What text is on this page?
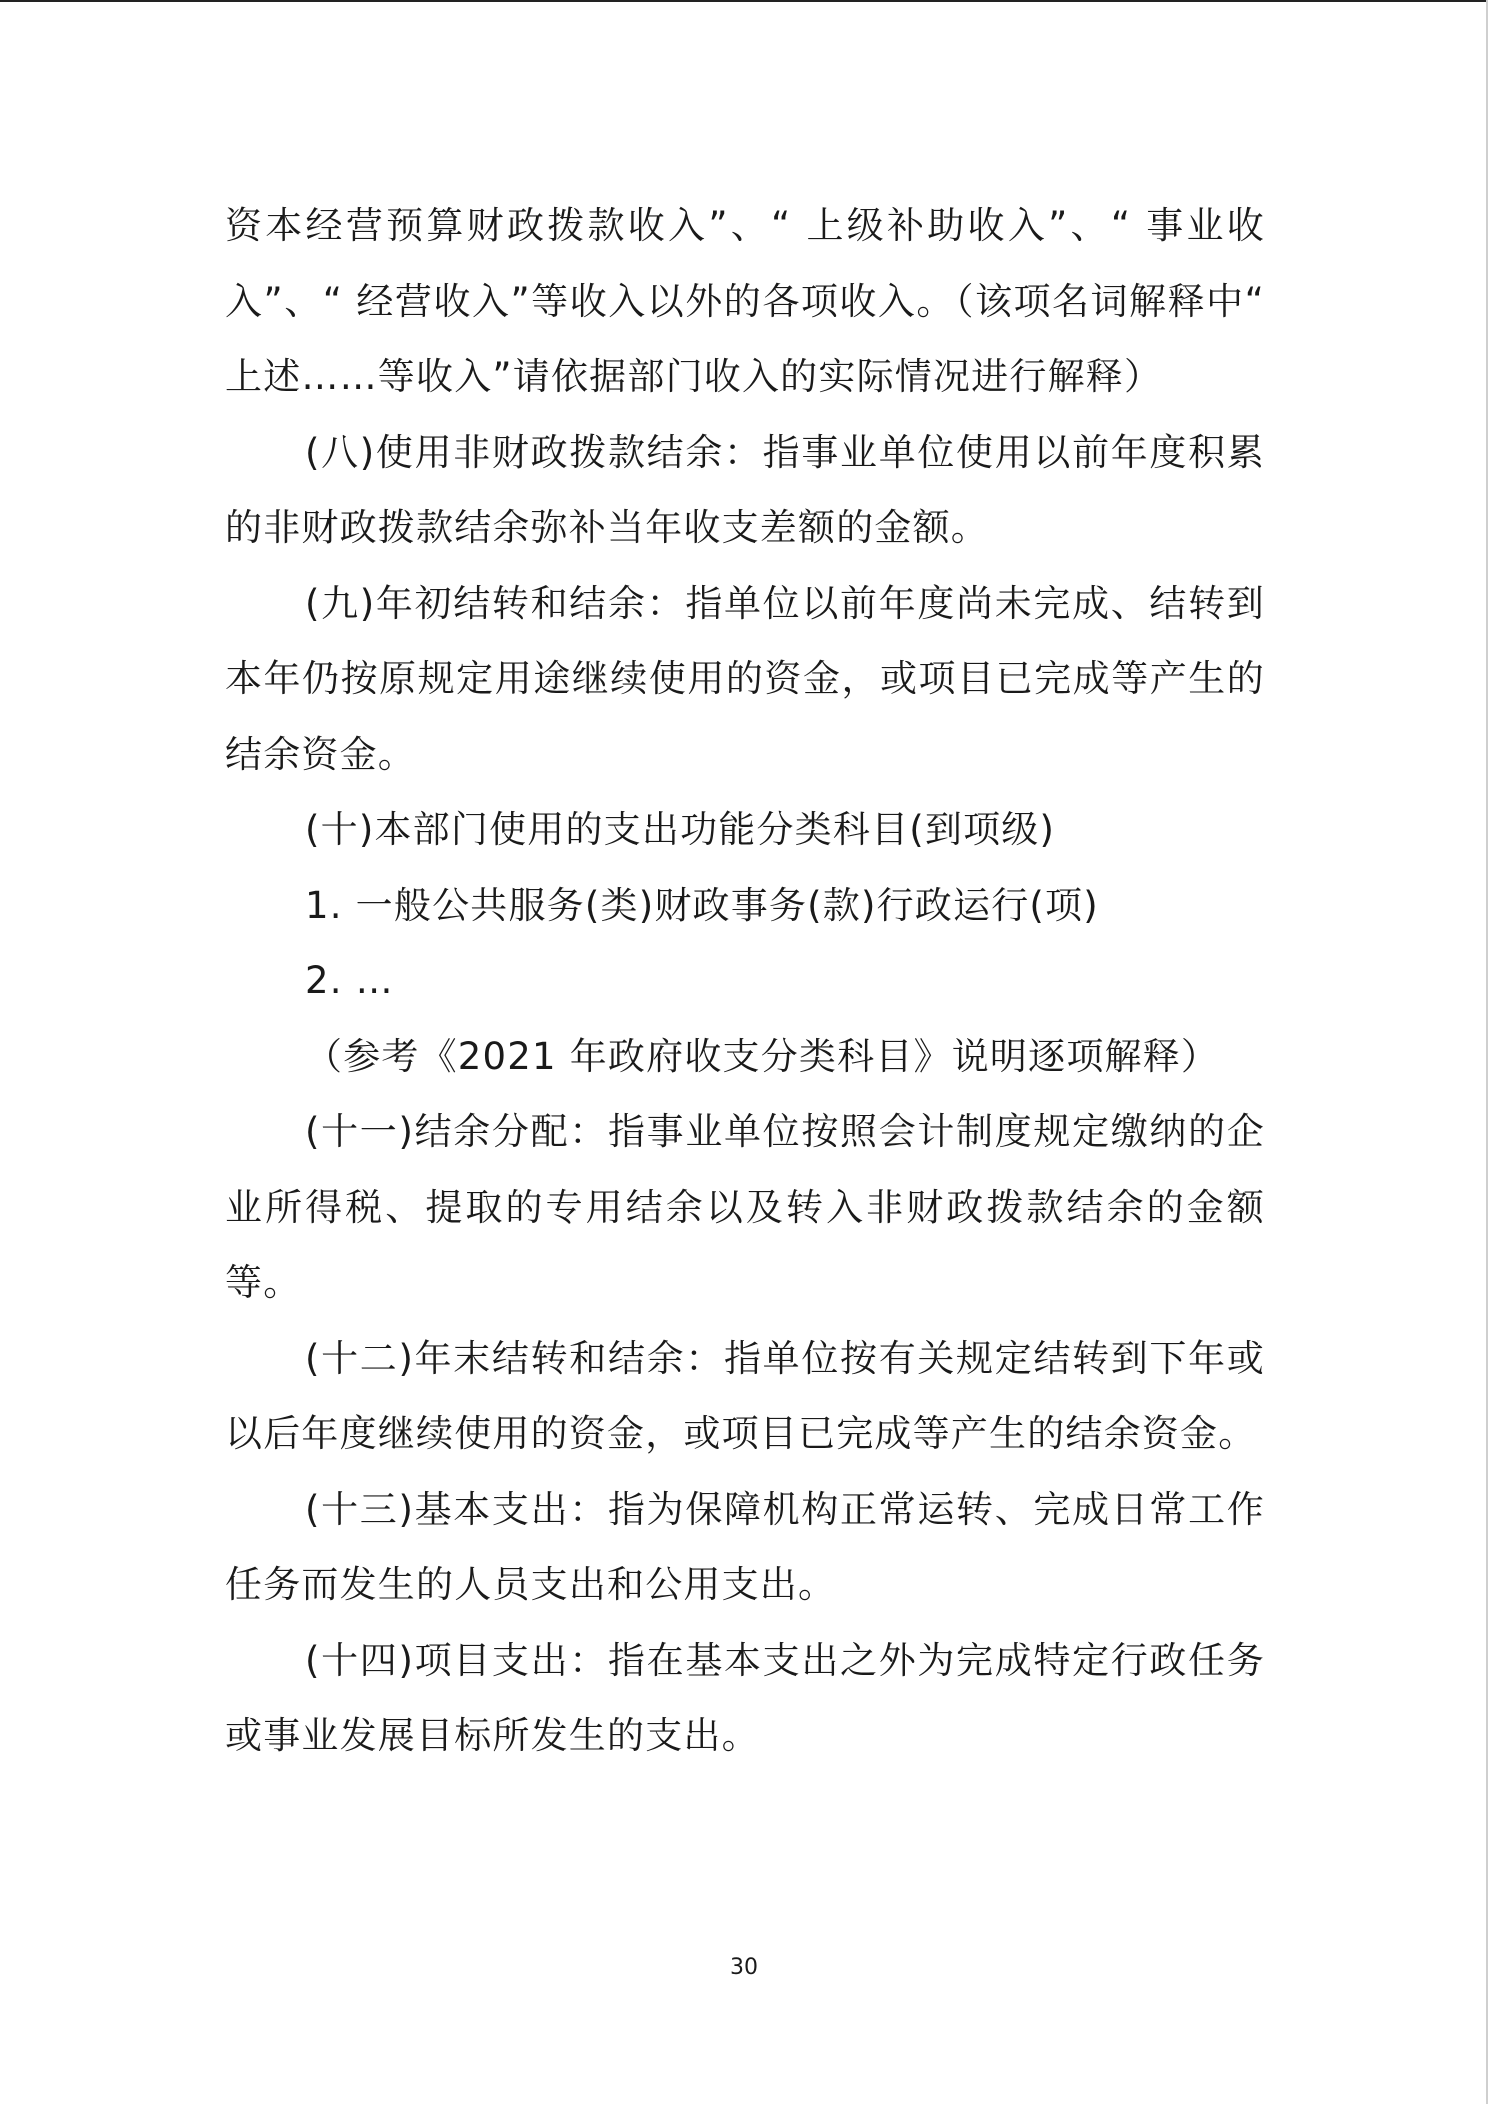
资本经营预算财政拨款收入”、“ 上级补助收入”、“ 事业收入”、“ 经营收入”等收入以外的各项收入。（该项名词解释中“ 上述……等收入”请依据部门收入的实际情况进行解释）

(八)使用非财政拨款结余：指事业单位使用以前年度积累的非财政拨款结余弥补当年收支差额的金额。

(九)年初结转和结余：指单位以前年度尚未完成、结转到本年仍按原规定用途继续使用的资金，或项目已完成等产生的结余资金。

(十)本部门使用的支出功能分类科目(到项级)

1. 一般公共服务(类)财政事务(款)行政运行(项)

2. …

（参考《2021 年政府收支分类科目》说明逐项解释）

(十一)结余分配：指事业单位按照会计制度规定缴纳的企业所得税、提取的专用结余以及转入非财政拨款结余的金额等。

(十二)年末结转和结余：指单位按有关规定结转到下年或以后年度继续使用的资金，或项目已完成等产生的结余资金。

(十三)基本支出：指为保障机构正常运转、完成日常工作任务而发生的人员支出和公用支出。

(十四)项目支出：指在基本支出之外为完成特定行政任务或事业发展目标所发生的支出。

30
